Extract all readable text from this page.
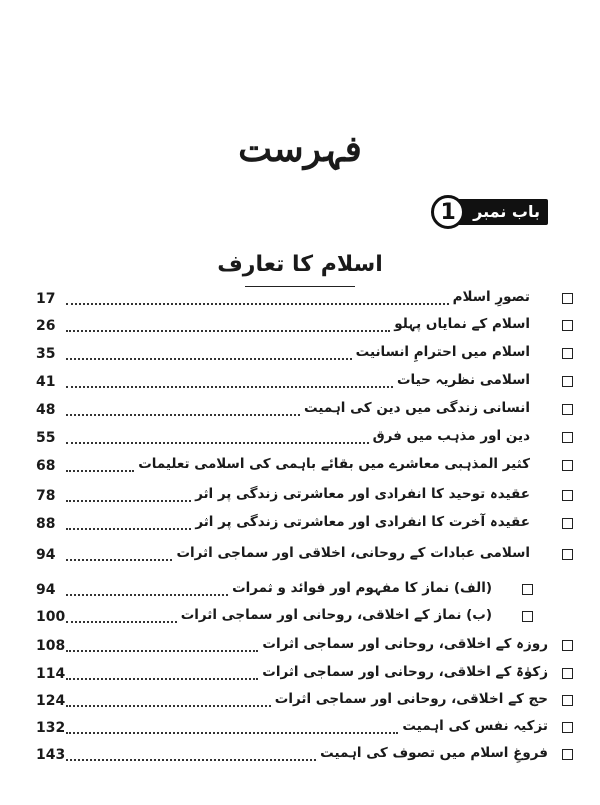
فہرست
باب نمبر
1
اسلام کا تعارف
تصورِ اسلام
17
اسلام کے نمایاں پہلو
26
اسلام میں احترامِ انسانیت
35
اسلامی نظریہ حیات
41
انسانی زندگی میں دین کی اہمیت
48
دین اور مذہب میں فرق
55
کثیر المذہبی معاشرے میں بقائے باہمی کی اسلامی تعلیمات
68
عقیدہ توحید کا انفرادی اور معاشرتی زندگی پر اثر
78
عقیدہ آخرت کا انفرادی اور معاشرتی زندگی پر اثر
88
اسلامی عبادات کے روحانی، اخلاقی اور سماجی اثرات
94
(الف) نماز کا مفہوم اور فوائد و ثمرات
94
(ب) نماز کے اخلاقی، روحانی اور سماجی اثرات
100
روزہ کے اخلاقی، روحانی اور سماجی اثرات
108
زکوٰۃ کے اخلاقی، روحانی اور سماجی اثرات
114
حج کے اخلاقی، روحانی اور سماجی اثرات
124
تزکیہ نفس کی اہمیت
132
فروغِ اسلام میں تصوف کی اہمیت
143
